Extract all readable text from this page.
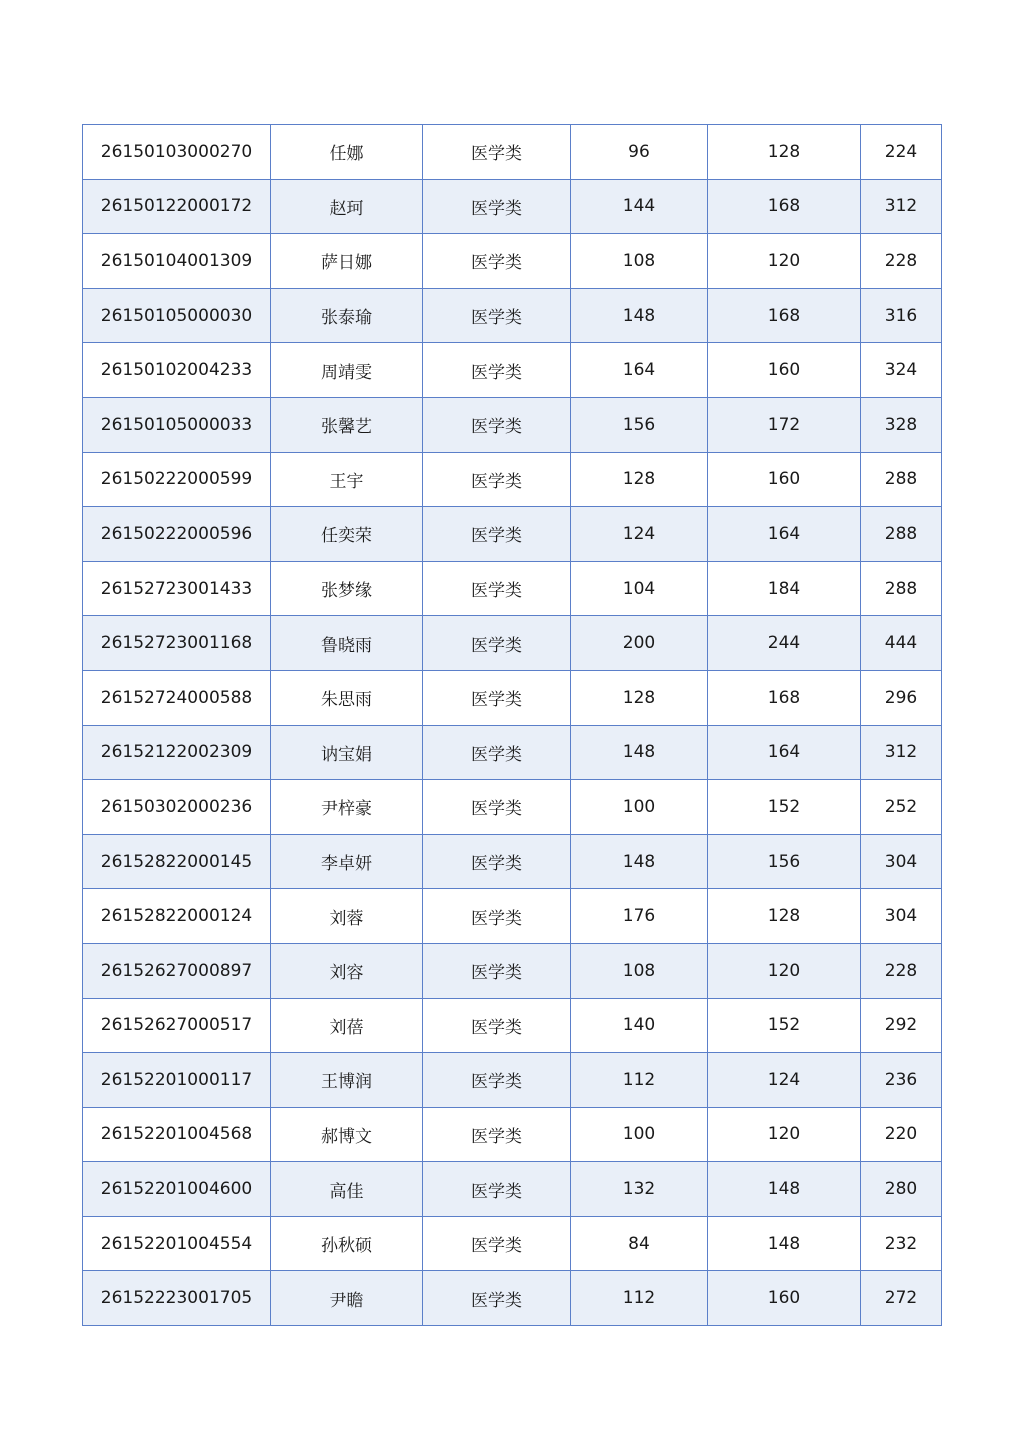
26150103000270	任娜	医学类	96	128	224
26150122000172	赵珂	医学类	144	168	312
26150104001309	萨日娜	医学类	108	120	228
26150105000030	张泰瑜	医学类	148	168	316
26150102004233	周靖雯	医学类	164	160	324
26150105000033	张馨艺	医学类	156	172	328
26150222000599	王宇	医学类	128	160	288
26150222000596	任奕荣	医学类	124	164	288
26152723001433	张梦缘	医学类	104	184	288
26152723001168	鲁晓雨	医学类	200	244	444
26152724000588	朱思雨	医学类	128	168	296
26152122002309	讷宝娟	医学类	148	164	312
26150302000236	尹梓豪	医学类	100	152	252
26152822000145	李卓妍	医学类	148	156	304
26152822000124	刘蓉	医学类	176	128	304
26152627000897	刘容	医学类	108	120	228
26152627000517	刘蓓	医学类	140	152	292
26152201000117	王博润	医学类	112	124	236
26152201004568	郝博文	医学类	100	120	220
26152201004600	高佳	医学类	132	148	280
26152201004554	孙秋硕	医学类	84	148	232
26152223001705	尹瞻	医学类	112	160	272
